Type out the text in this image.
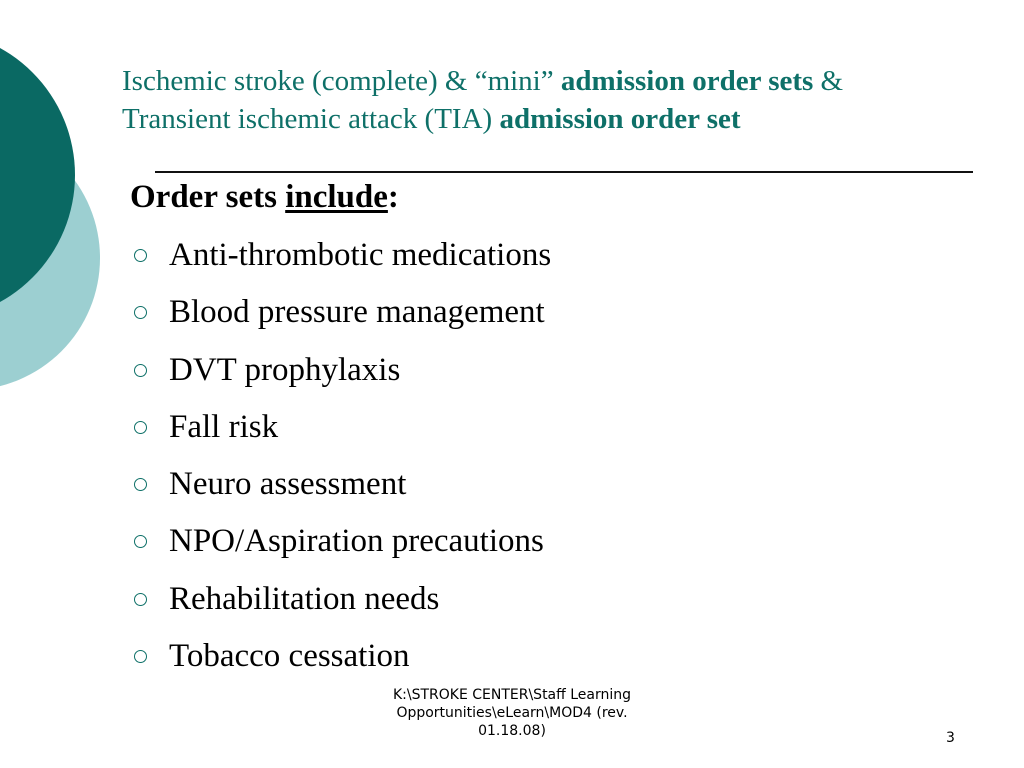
Ischemic stroke (complete) & “mini” admission order sets &
Transient ischemic attack (TIA) admission order set
Order sets include:
Anti-thrombotic medications
Blood pressure management
DVT prophylaxis
Fall risk
Neuro assessment
NPO/Aspiration precautions
Rehabilitation needs
Tobacco cessation
K:\STROKE CENTER\Staff Learning
Opportunities\eLearn\MOD4 (rev.
01.18.08)	3
